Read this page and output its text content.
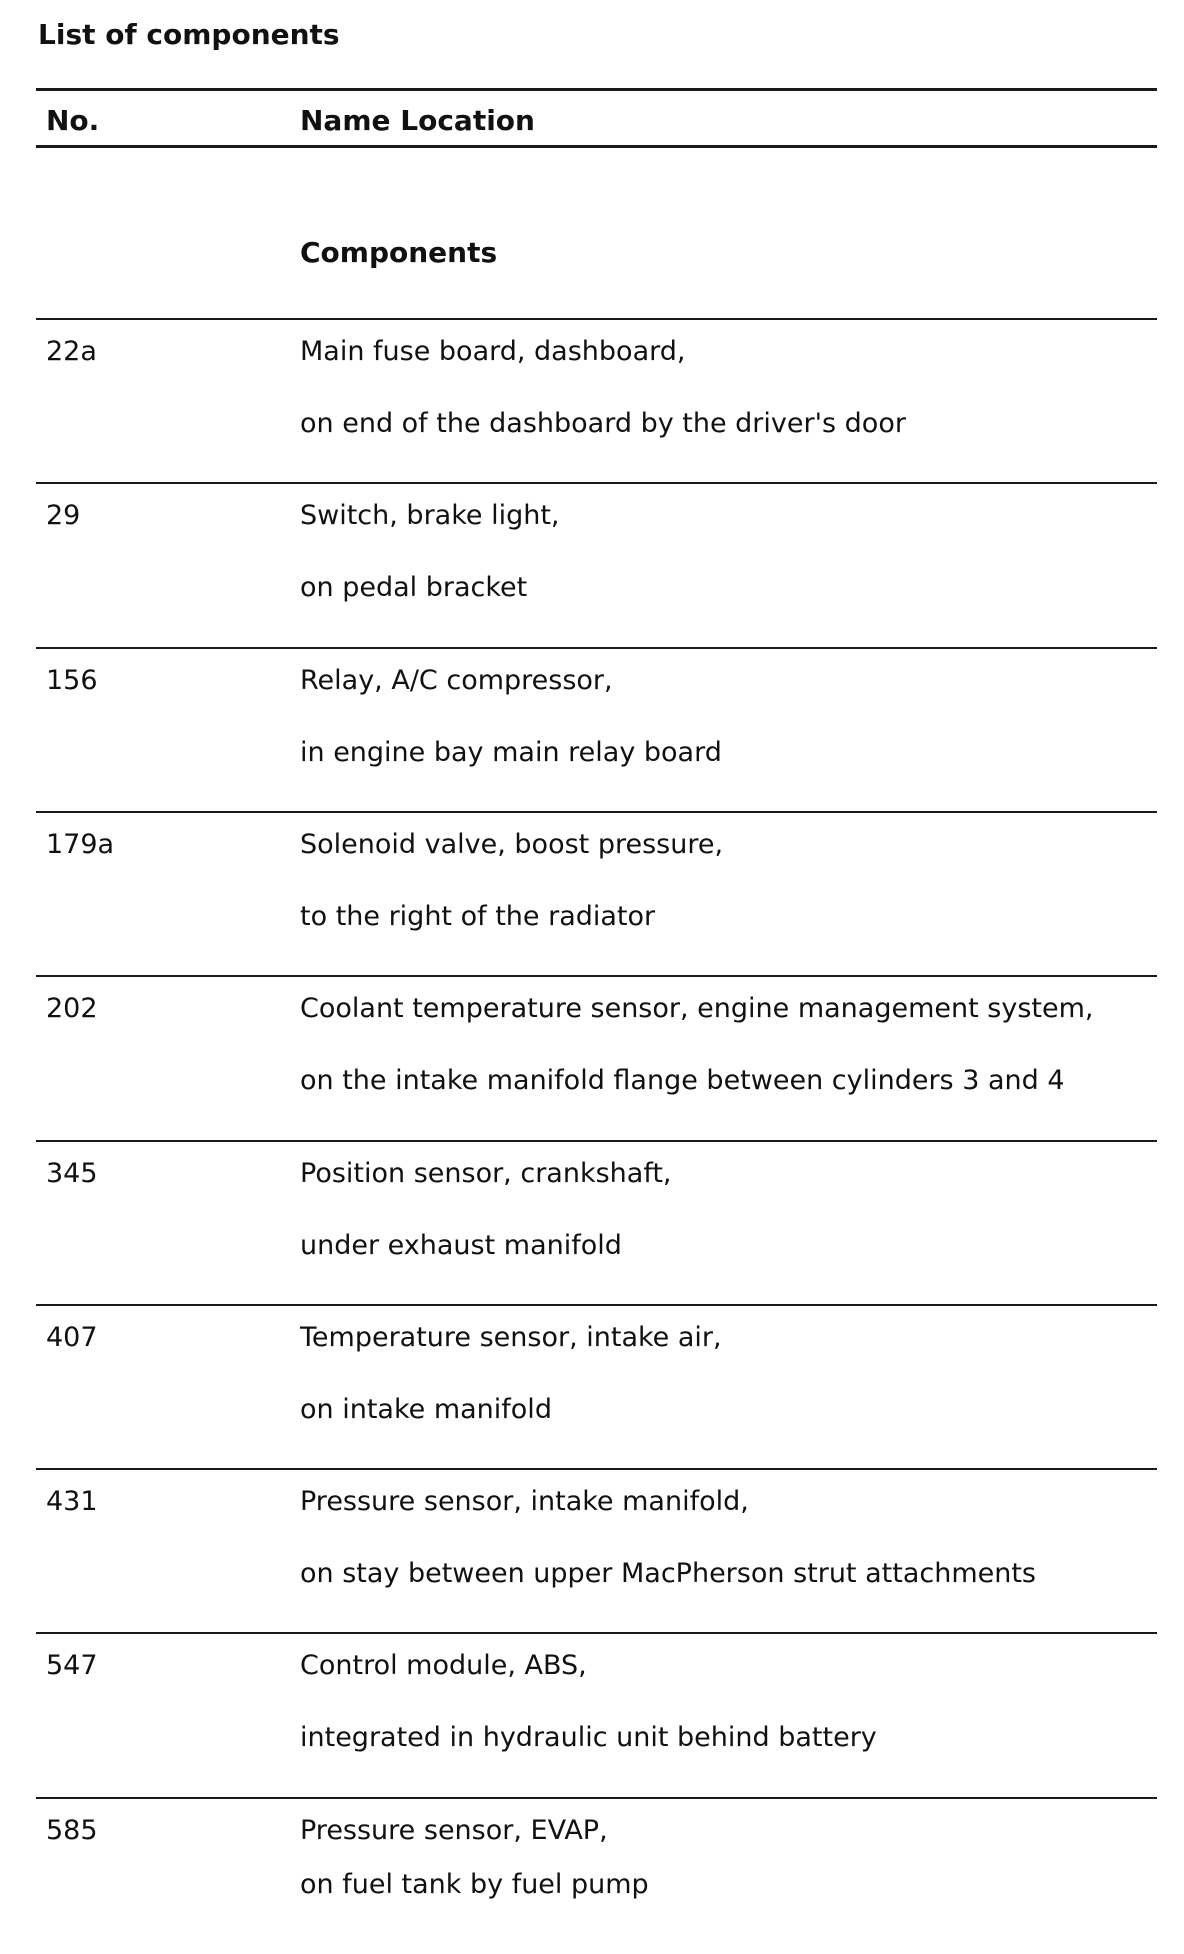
List of components
No.	Name Location
Components
22a	Main fuse board, dashboard,
on end of the dashboard by the driver's door
29	Switch, brake light,
on pedal bracket
156	Relay, A/C compressor,
in engine bay main relay board
179a	Solenoid valve, boost pressure,
to the right of the radiator
202	Coolant temperature sensor, engine management system,
on the intake manifold flange between cylinders 3 and 4
345	Position sensor, crankshaft,
under exhaust manifold
407	Temperature sensor, intake air,
on intake manifold
431	Pressure sensor, intake manifold,
on stay between upper MacPherson strut attachments
547	Control module, ABS,
integrated in hydraulic unit behind battery
585	Pressure sensor, EVAP,
on fuel tank by fuel pump
